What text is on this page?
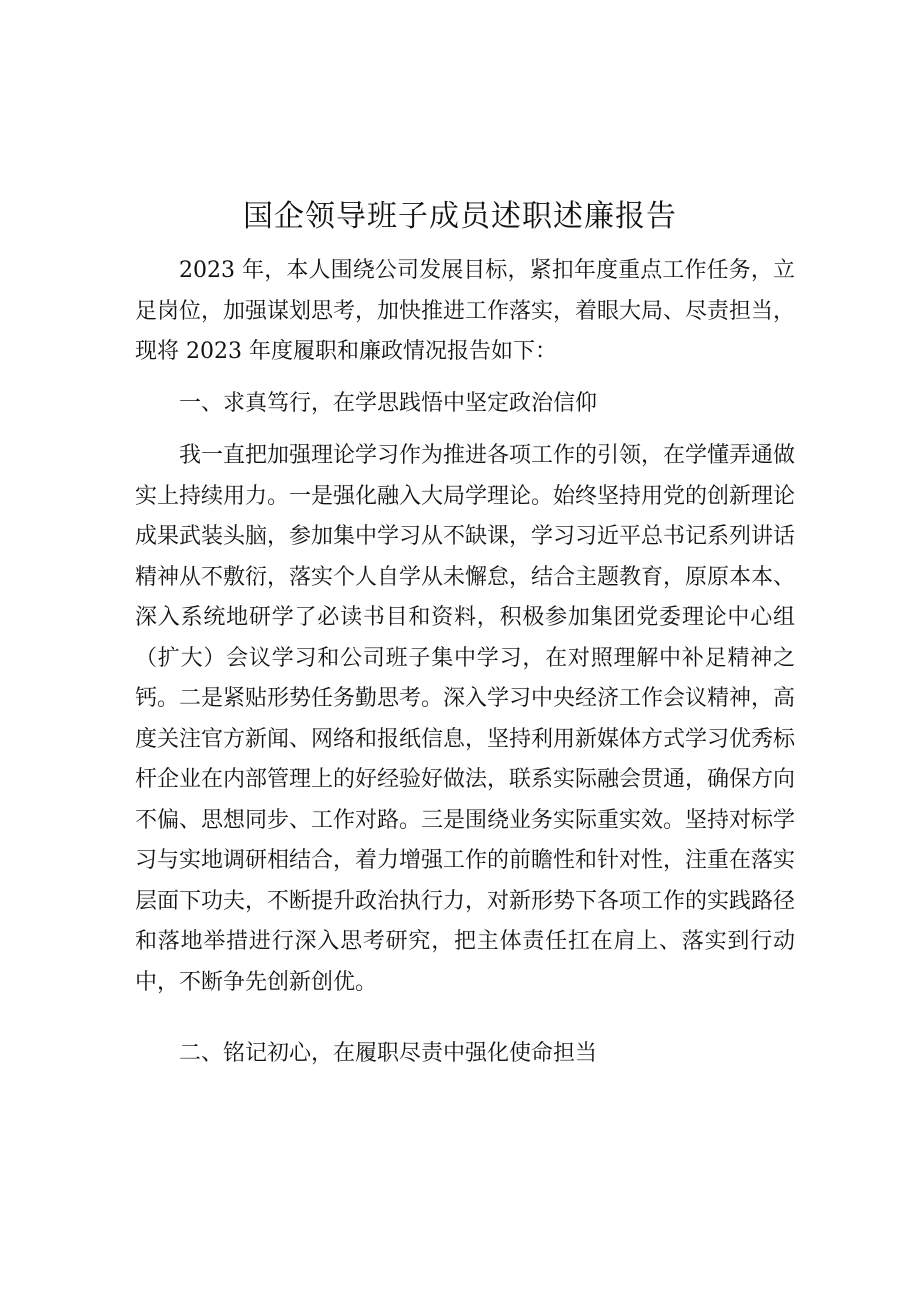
国企领导班子成员述职述廉报告

2023 年，本人围绕公司发展目标，紧扣年度重点工作任务，立足岗位，加强谋划思考，加快推进工作落实，着眼大局、尽责担当，现将 2023 年度履职和廉政情况报告如下：

一、求真笃行，在学思践悟中坚定政治信仰

我一直把加强理论学习作为推进各项工作的引领，在学懂弄通做实上持续用力。一是强化融入大局学理论。始终坚持用党的创新理论成果武装头脑，参加集中学习从不缺课，学习习近平总书记系列讲话精神从不敷衍，落实个人自学从未懈怠，结合主题教育，原原本本、深入系统地研学了必读书目和资料，积极参加集团党委理论中心组（扩大）会议学习和公司班子集中学习，在对照理解中补足精神之钙。二是紧贴形势任务勤思考。深入学习中央经济工作会议精神，高度关注官方新闻、网络和报纸信息，坚持利用新媒体方式学习优秀标杆企业在内部管理上的好经验好做法，联系实际融会贯通，确保方向不偏、思想同步、工作对路。三是围绕业务实际重实效。坚持对标学习与实地调研相结合，着力增强工作的前瞻性和针对性，注重在落实层面下功夫，不断提升政治执行力，对新形势下各项工作的实践路径和落地举措进行深入思考研究，把主体责任扛在肩上、落实到行动中，不断争先创新创优。

二、铭记初心，在履职尽责中强化使命担当
